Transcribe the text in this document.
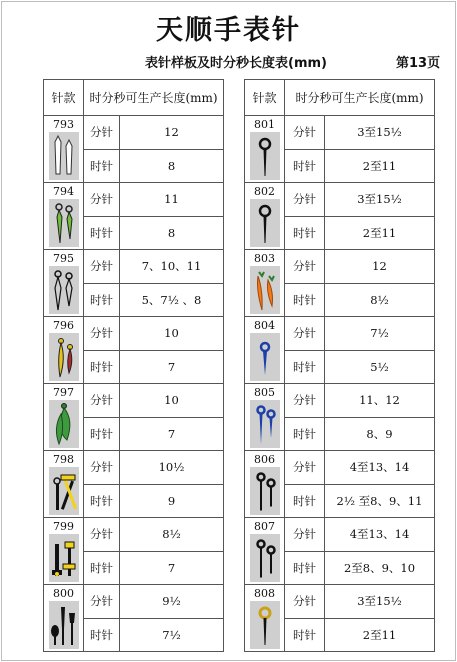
天顺手表针
表针样板及时分秒长度表(mm)	第13页
针款	时分秒可生产长度(mm)	

793	分针	12
	时针	8

794	分针	11
	时针	8

795	分针	7、10、11
	时针	5、7½ 、8

796	分针	10
	时针	7

797	分针	10
	时针	7

798	分针	10½
	时针	9

799	分针	8½
	时针	7

800	分针	9½
	时针	7½
针款	时分秒可生产长度(mm)	

801	分针	3至15½
	时针	2至11

802	分针	3至15½
	时针	2至11

803	分针	12
	时针	8½

804	分针	7½
	时针	5½

805	分针	11、12
	时针	8、9

806	分针	4至13、14
	时针	2½ 至8、9、11

807	分针	4至13、14
	时针	2至8、9、10

808	分针	3至15½
	时针	2至11
